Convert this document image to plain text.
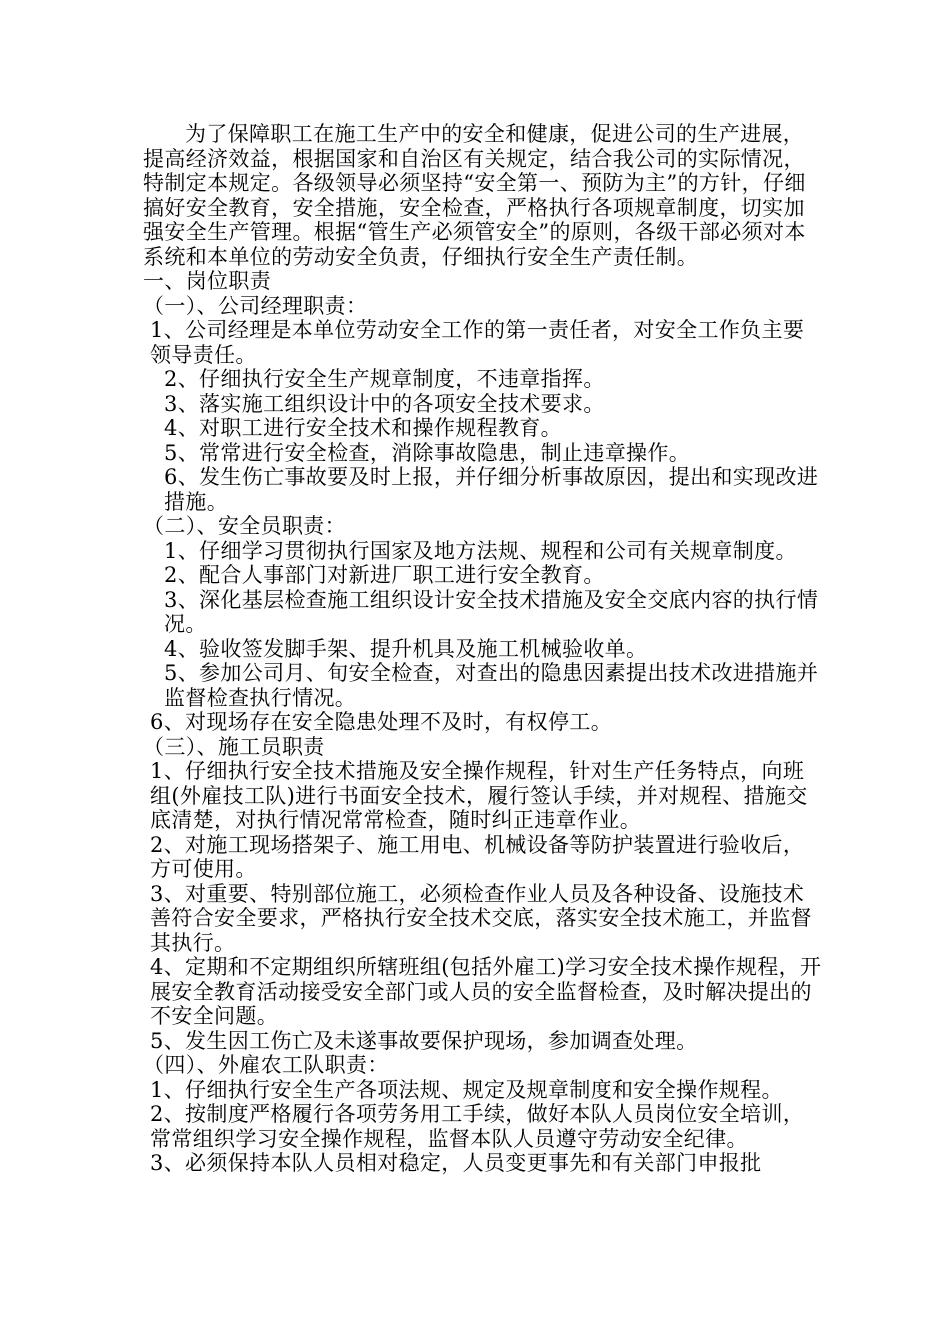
为了保障职工在施工生产中的安全和健康，促进公司的生产进展，提高经济效益，根据国家和自治区有关规定，结合我公司的实际情况，特制定本规定。各级领导必须坚持“安全第一、预防为主”的方针，仔细搞好安全教育，安全措施，安全检查，严格执行各项规章制度，切实加强安全生产管理。根据“管生产必须管安全”的原则，各级干部必须对本系统和本单位的劳动安全负责，仔细执行安全生产责任制。

一、岗位职责

（一）、公司经理职责：

1、公司经理是本单位劳动安全工作的第一责任者，对安全工作负主要领导责任。

2、仔细执行安全生产规章制度，不违章指挥。

3、落实施工组织设计中的各项安全技术要求。

4、对职工进行安全技术和操作规程教育。

5、常常进行安全检查，消除事故隐患，制止违章操作。

6、发生伤亡事故要及时上报，并仔细分析事故原因，提出和实现改进措施。

（二）、安全员职责：

1、仔细学习贯彻执行国家及地方法规、规程和公司有关规章制度。

2、配合人事部门对新进厂职工进行安全教育。

3、深化基层检查施工组织设计安全技术措施及安全交底内容的执行情况。

4、验收签发脚手架、提升机具及施工机械验收单。

5、参加公司月、旬安全检查，对查出的隐患因素提出技术改进措施并监督检查执行情况。

6、对现场存在安全隐患处理不及时，有权停工。

（三）、施工员职责

1、仔细执行安全技术措施及安全操作规程，针对生产任务特点，向班组(外雇技工队)进行书面安全技术，履行签认手续，并对规程、措施交底清楚，对执行情况常常检查，随时纠正违章作业。

2、对施工现场搭架子、施工用电、机械设备等防护装置进行验收后，方可使用。

3、对重要、特别部位施工，必须检查作业人员及各种设备、设施技术善符合安全要求，严格执行安全技术交底，落实安全技术施工，并监督其执行。

4、定期和不定期组织所辖班组(包括外雇工)学习安全技术操作规程，开展安全教育活动接受安全部门或人员的安全监督检查，及时解决提出的不安全问题。

5、发生因工伤亡及未遂事故要保护现场，参加调查处理。

（四）、外雇农工队职责：

1、仔细执行安全生产各项法规、规定及规章制度和安全操作规程。

2、按制度严格履行各项劳务用工手续，做好本队人员岗位安全培训，常常组织学习安全操作规程，监督本队人员遵守劳动安全纪律。

3、必须保持本队人员相对稳定，人员变更事先和有关部门申报批
